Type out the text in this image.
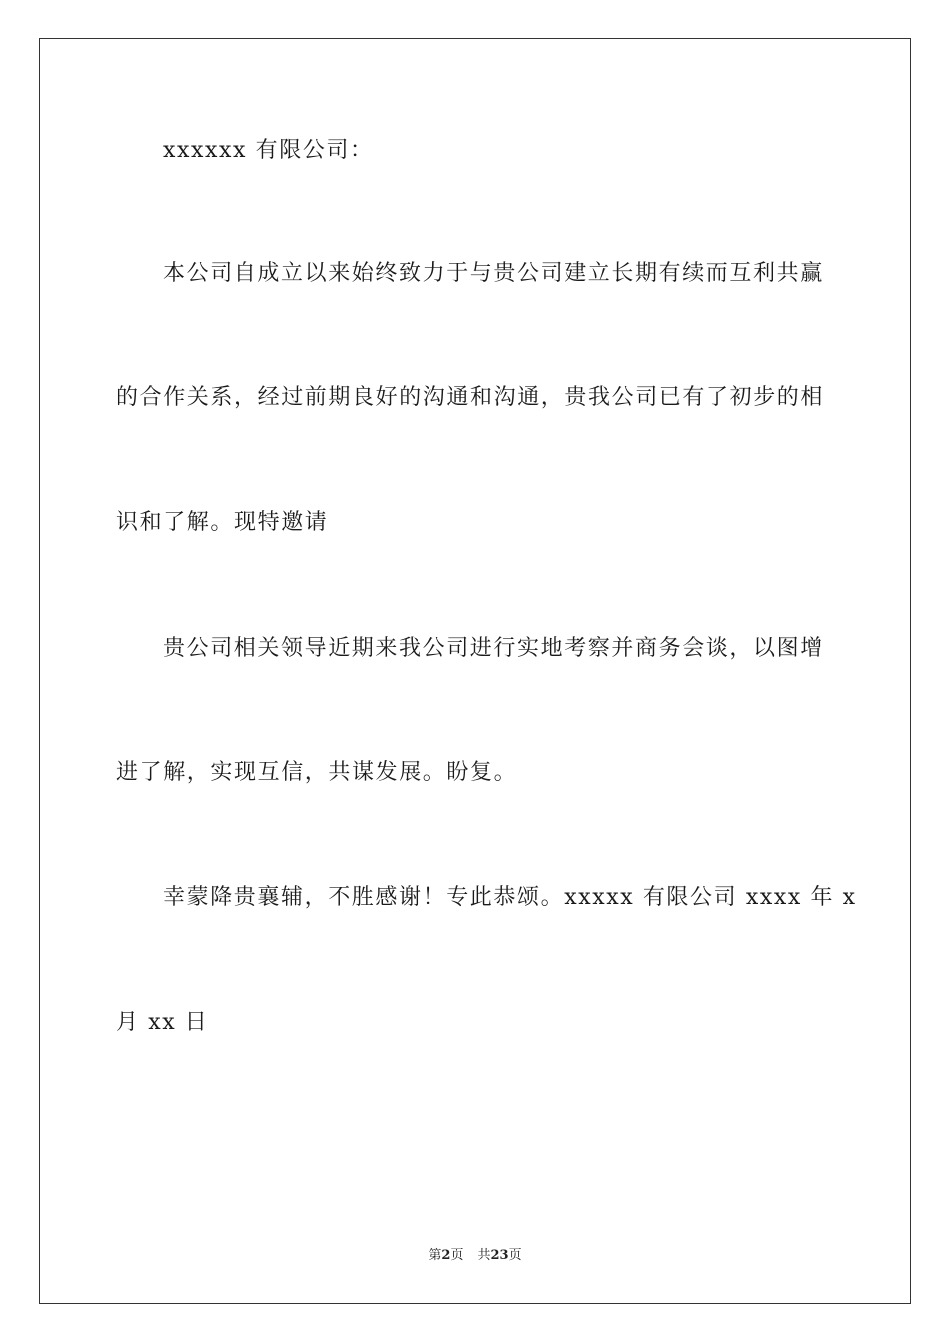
xxxxxx 有限公司：
本公司自成立以来始终致力于与贵公司建立长期有续而互利共赢
的合作关系，经过前期良好的沟通和沟通，贵我公司已有了初步的相
识和了解。现特邀请
贵公司相关领导近期来我公司进行实地考察并商务会谈，以图增
进了解，实现互信，共谋发展。盼复。
幸蒙降贵襄辅，不胜感谢！专此恭颂。xxxxx 有限公司 xxxx 年 x
月 xx 日
第2页 共23页
